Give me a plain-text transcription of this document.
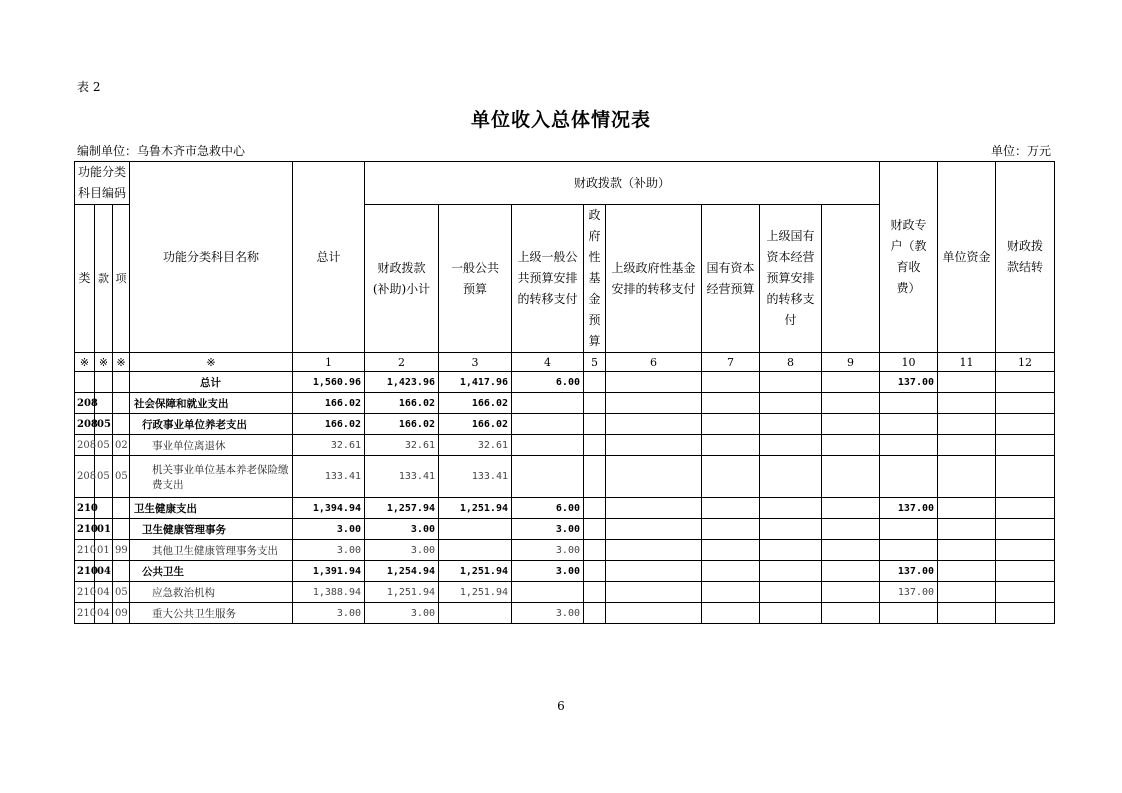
表 2
单位收入总体情况表
编制单位：乌鲁木齐市急救中心	单位：万元
功能分类科目编码			功能分类科目名称	总计	财政拨款（补助）								财政专户（教育收费）	单位资金	财政拨款结转	
类	款	项			财政拨款(补助)小计	一般公共预算	上级一般公共预算安排的转移支付	政府性基金预算	上级政府性基金安排的转移支付	国有资本经营预算	上级国有资本经营预算安排的转移支付					
※	※	※	※	1	2	3	4	5	6	7	8	9	10	11	12	
			总计	1,560.96	1,423.96	1,417.96	6.00						137.00			
208			社会保障和就业支出	166.02	166.02	166.02										
208	05		行政事业单位养老支出	166.02	166.02	166.02										
208	05	02	事业单位离退休	32.61	32.61	32.61										
208	05	05	机关事业单位基本养老保险缴费支出	133.41	133.41	133.41										
210			卫生健康支出	1,394.94	1,257.94	1,251.94	6.00						137.00			
210	01		卫生健康管理事务	3.00	3.00		3.00									
210	01	99	其他卫生健康管理事务支出	3.00	3.00		3.00									
210	04		公共卫生	1,391.94	1,254.94	1,251.94	3.00						137.00			
210	04	05	应急救治机构	1,388.94	1,251.94	1,251.94							137.00			
210	04	09	重大公共卫生服务	3.00	3.00		3.00									
6
